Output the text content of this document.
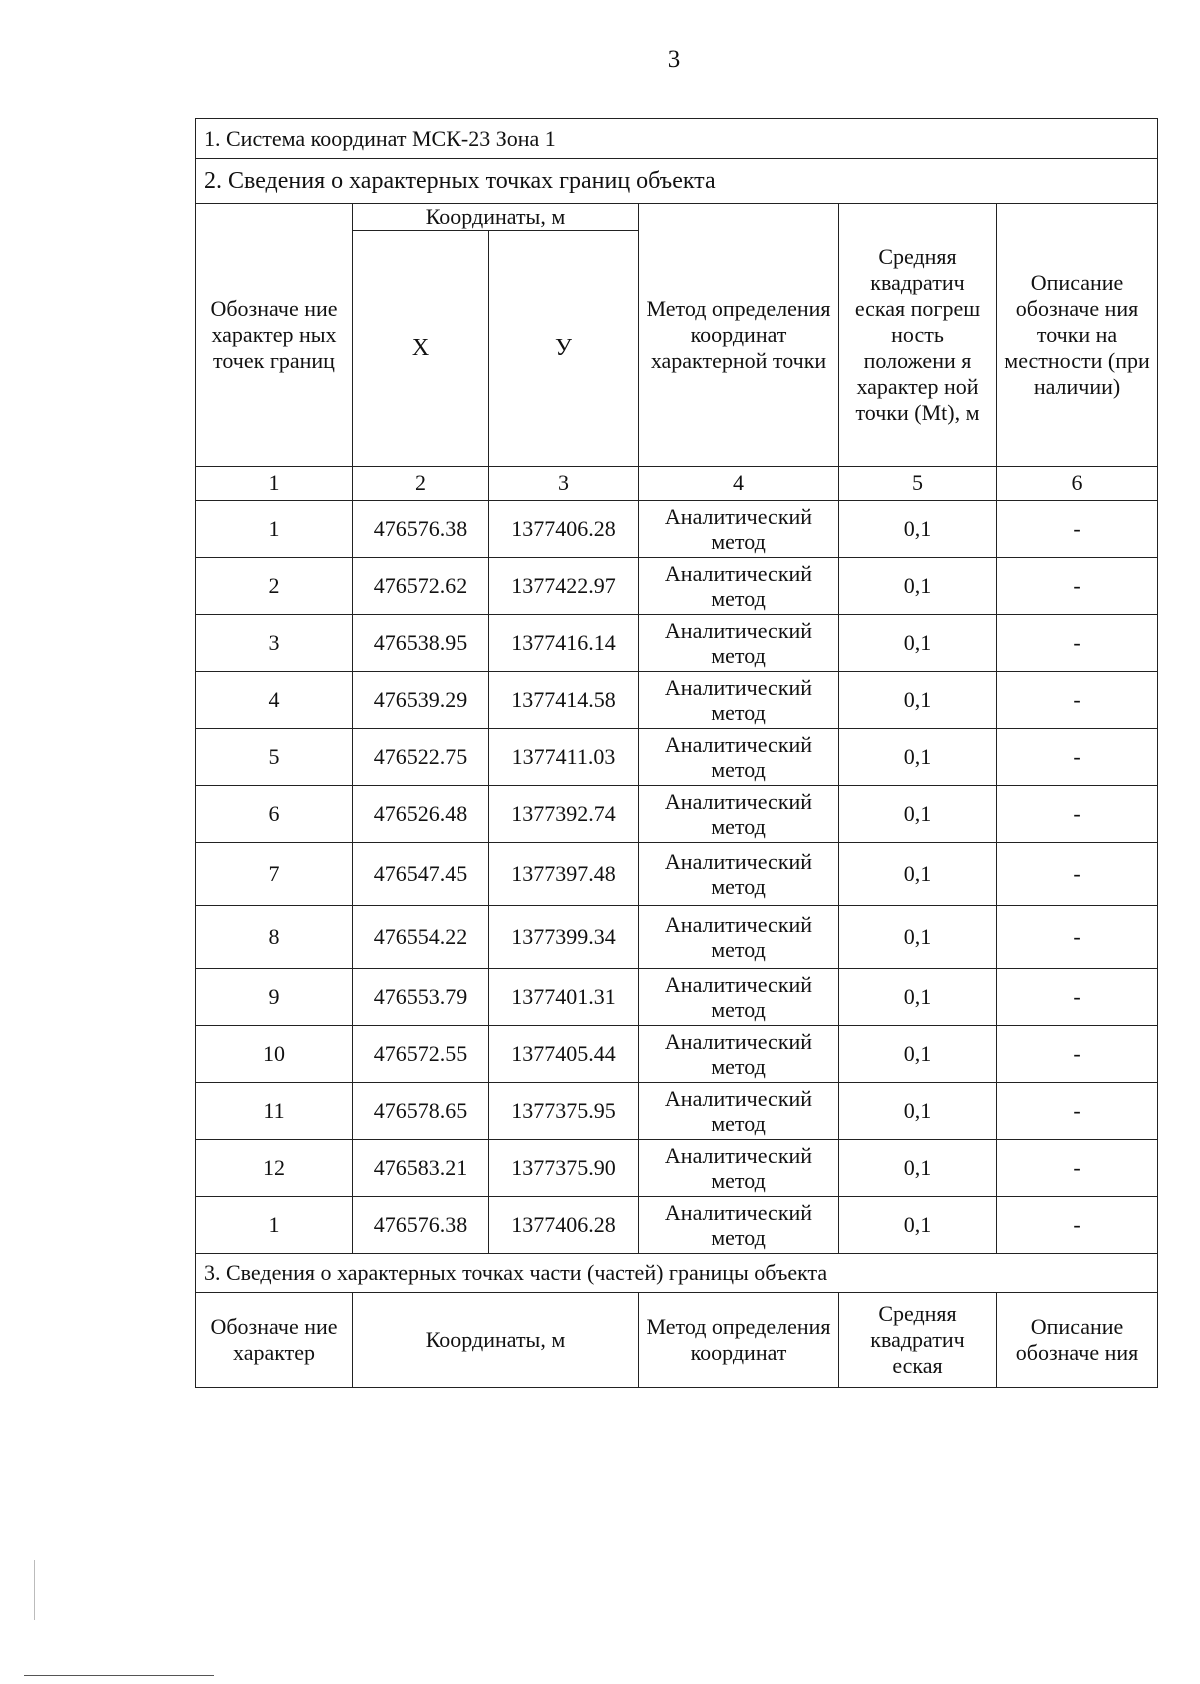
3
1. Система координат МСК-23 Зона 1					
2. Сведения о характерных точках границ объекта					
Обозначе ние характер ных точек границ	Координаты, м		Метод определения координат характерной точки	Средняя квадратич еская погреш ность положени я характер ной точки (Mt), м	Описание обозначе ния точки на местности (при наличии)
	Х	У			
1	2	3	4	5	6
1	476576.38	1377406.28	Аналитический метод	0,1	-
2	476572.62	1377422.97	Аналитический метод	0,1	-
3	476538.95	1377416.14	Аналитический метод	0,1	-
4	476539.29	1377414.58	Аналитический метод	0,1	-
5	476522.75	1377411.03	Аналитический метод	0,1	-
6	476526.48	1377392.74	Аналитический метод	0,1	-
7	476547.45	1377397.48	Аналитический метод	0,1	-
8	476554.22	1377399.34	Аналитический метод	0,1	-
9	476553.79	1377401.31	Аналитический метод	0,1	-
10	476572.55	1377405.44	Аналитический метод	0,1	-
11	476578.65	1377375.95	Аналитический метод	0,1	-
12	476583.21	1377375.90	Аналитический метод	0,1	-
1	476576.38	1377406.28	Аналитический метод	0,1	-
3. Сведения о характерных точках части (частей) границы объекта					
Обозначе ние характер	Координаты, м		Метод определения координат	Средняя квадратич еская	Описание обозначе ния
